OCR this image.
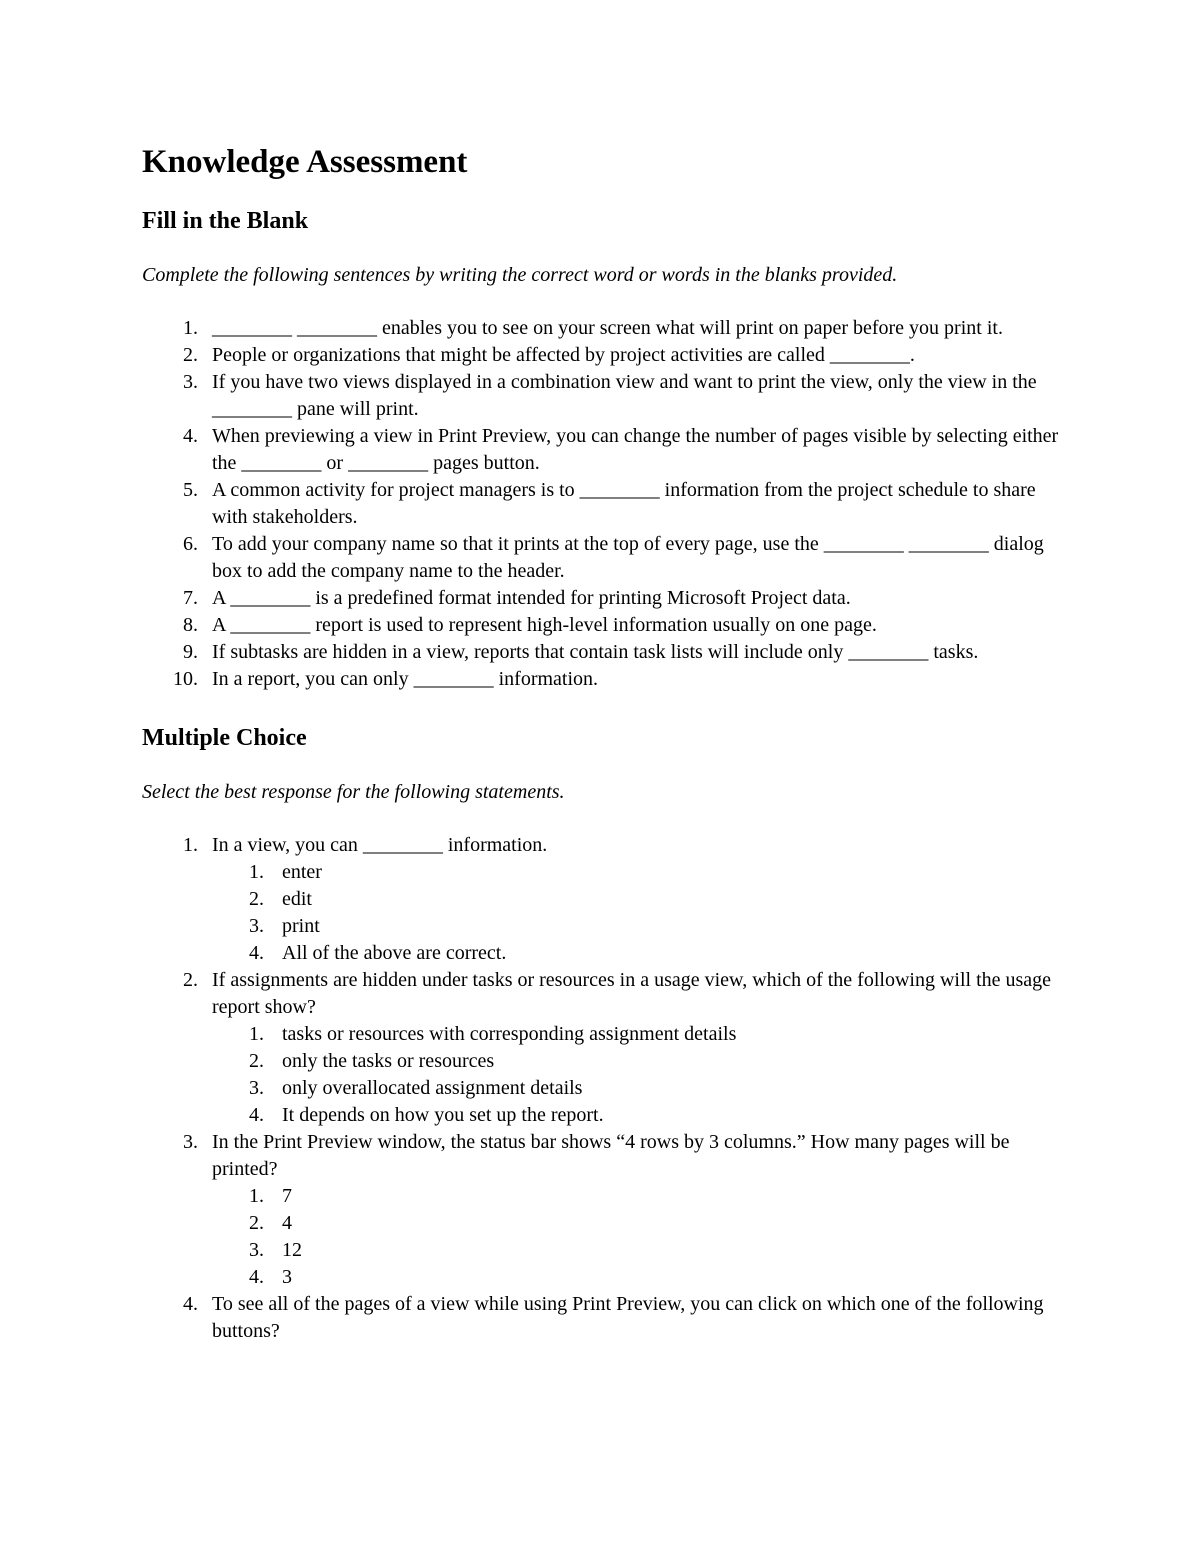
Knowledge Assessment
Fill in the Blank

Complete the following sentences by writing the correct word or words in the blanks provided.

1. ________ ________ enables you to see on your screen what will print on paper before you print it.
2. People or organizations that might be affected by project activities are called ________.
3. If you have two views displayed in a combination view and want to print the view, only the view in the ________ pane will print.
4. When previewing a view in Print Preview, you can change the number of pages visible by selecting either the ________ or ________ pages button.
5. A common activity for project managers is to ________ information from the project schedule to share with stakeholders.
6. To add your company name so that it prints at the top of every page, use the ________ ________ dialog box to add the company name to the header.
7. A ________ is a predefined format intended for printing Microsoft Project data.
8. A ________ report is used to represent high-level information usually on one page.
9. If subtasks are hidden in a view, reports that contain task lists will include only ________ tasks.
10. In a report, you can only ________ information.
Multiple Choice

Select the best response for the following statements.

1. In a view, you can ________ information.
1. enter
2. edit
3. print
4. All of the above are correct.
2. If assignments are hidden under tasks or resources in a usage view, which of the following will the usage report show?
1. tasks or resources with corresponding assignment details
2. only the tasks or resources
3. only overallocated assignment details
4. It depends on how you set up the report.
3. In the Print Preview window, the status bar shows “4 rows by 3 columns.” How many pages will be printed?
1. 7
2. 4
3. 12
4. 3
4. To see all of the pages of a view while using Print Preview, you can click on which one of the following buttons?
